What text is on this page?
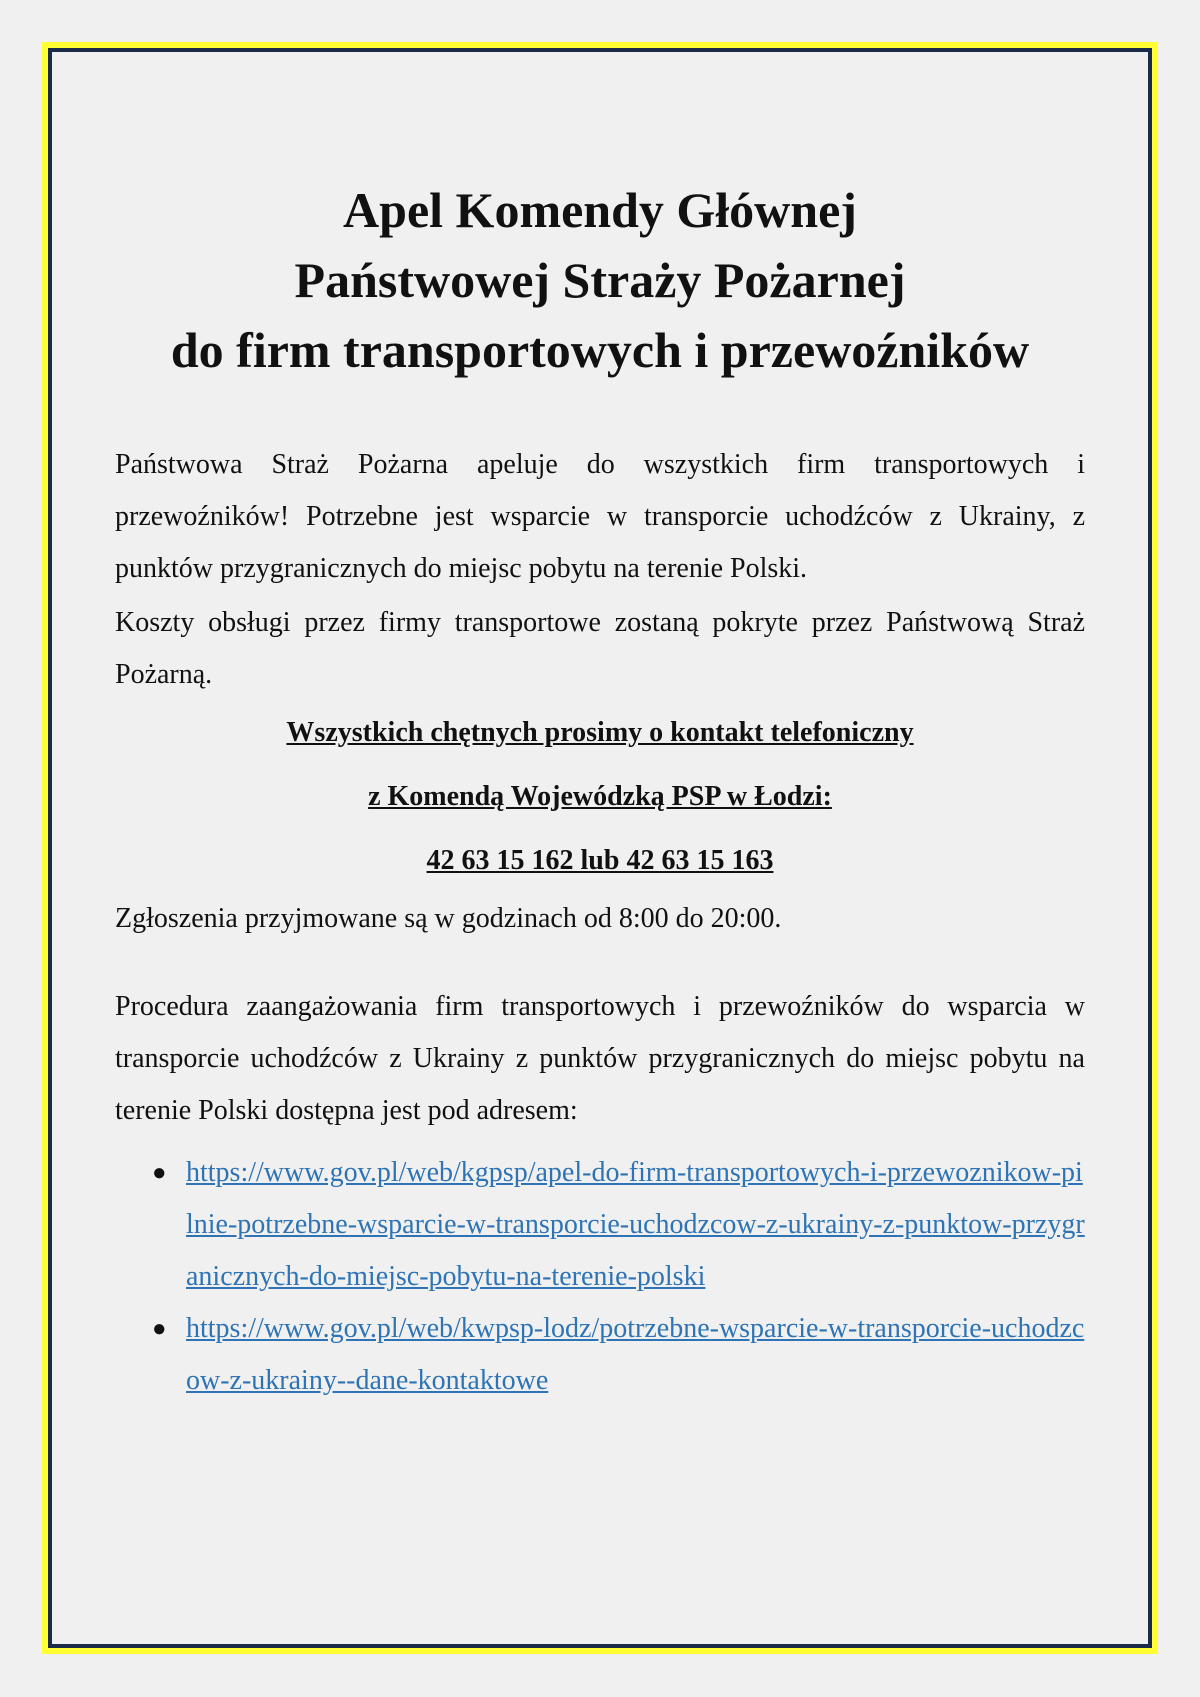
Apel Komendy Głównej
Państwowej Straży Pożarnej
do firm transportowych i przewoźników

Państwowa Straż Pożarna apeluje do wszystkich firm transportowych i przewoźników! Potrzebne jest wsparcie w transporcie uchodźców z Ukrainy, z punktów przygranicznych do miejsc pobytu na terenie Polski.

Koszty obsługi przez firmy transportowe zostaną pokryte przez Państwową Straż Pożarną.

Wszystkich chętnych prosimy o kontakt telefoniczny

z Komendą Wojewódzką PSP w Łodzi:

42 63 15 162 lub 42 63 15 163

Zgłoszenia przyjmowane są w godzinach od 8:00 do 20:00.

Procedura zaangażowania firm transportowych i przewoźników do wsparcia w transporcie uchodźców z Ukrainy z punktów przygranicznych do miejsc pobytu na terenie Polski dostępna jest pod adresem:

● https://www.gov.pl/web/kgpsp/apel-do-firm-transportowych-i-przewoznikow-pilnie-potrzebne-wsparcie-w-transporcie-uchodzcow-z-ukrainy-z-punktow-przygranicznych-do-miejsc-pobytu-na-terenie-polski
● https://www.gov.pl/web/kwpsp-lodz/potrzebne-wsparcie-w-transporcie-uchodzcow-z-ukrainy--dane-kontaktowe
